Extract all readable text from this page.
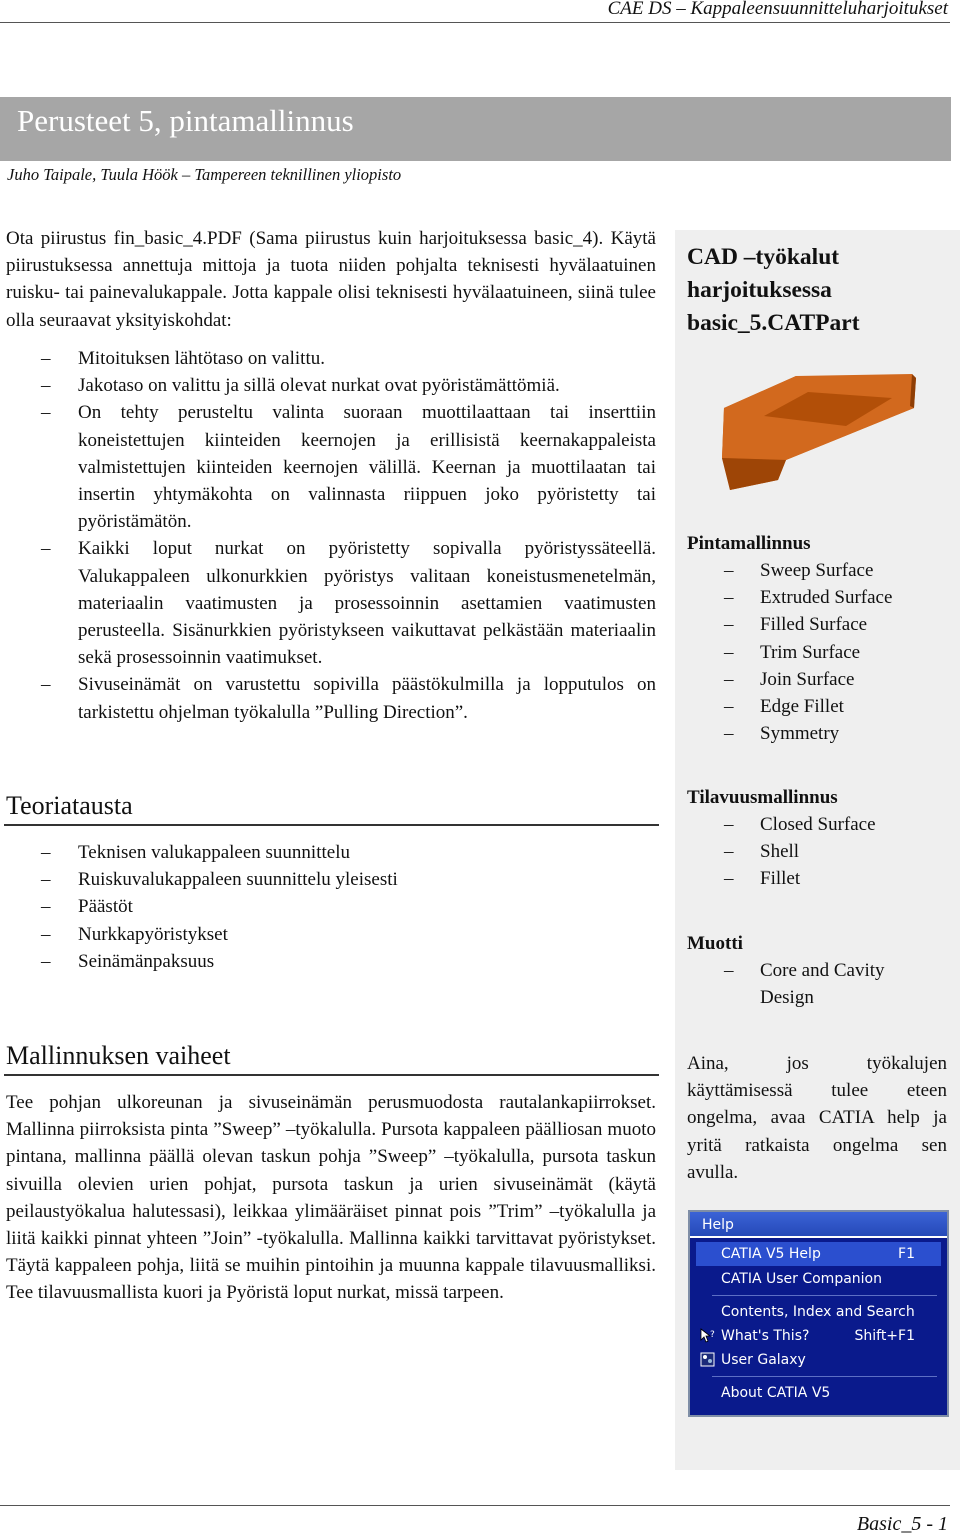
CAE DS – Kappaleensuunnitteluharjoitukset
Perusteet 5, pintamallinnus
Juho Taipale, Tuula Höök – Tampereen teknillinen yliopisto
Ota piirustus fin_basic_4.PDF (Sama piirustus kuin harjoituksessa basic_4). Käytä piirustuksessa annettuja mittoja ja tuota niiden pohjalta teknisesti hyvälaatuinen ruisku- tai painevalukappale. Jotta kappale olisi teknisesti hyvälaatuineen, siinä tulee olla seuraavat yksityiskohdat:
– Mitoituksen lähtötaso on valittu.
– Jakotaso on valittu ja sillä olevat nurkat ovat pyöristämättömiä.
– On tehty perusteltu valinta suoraan muottilaattaan tai inserttiin koneistettujen kiinteiden keernojen ja erillisistä keernakappaleista valmistettujen kiinteiden keernojen välillä. Keernan ja muottilaatan tai insertin yhtymäkohta on valinnasta riippuen joko pyöristetty tai pyöristämätön.
– Kaikki loput nurkat on pyöristetty sopivalla pyöristyssäteellä. Valukappaleen ulkonurkkien pyöristys valitaan koneistusmenetelmän, materiaalin vaatimusten ja prosessoinnin asettamien vaatimusten perusteella. Sisänurkkien pyöristykseen vaikuttavat pelkästään materiaalin sekä prosessoinnin vaatimukset.
– Sivuseinämät on varustettu sopivilla päästökulmilla ja lopputulos on tarkistettu ohjelman työkalulla ”Pulling Direction”.
Teoriatausta
– Teknisen valukappaleen suunnittelu
– Ruiskuvalukappaleen suunnittelu yleisesti
– Päästöt
– Nurkkapyöristykset
– Seinämänpaksuus
Mallinnuksen vaiheet
Tee pohjan ulkoreunan ja sivuseinämän perusmuodosta rautalankapiirrokset. Mallinna piirroksista pinta ”Sweep” –työkalulla. Pursota kappaleen päälliosan muoto pintana, mallinna päällä olevan taskun pohja ”Sweep” –työkalulla, pursota taskun sivuilla olevien urien pohjat, pursota taskun ja urien sivuseinämät (käytä peilaustyökalua halutessasi), leikkaa ylimääräiset pinnat pois ”Trim” –työkalulla ja liitä kaikki pinnat yhteen ”Join” -työkalulla. Mallinna kaikki tarvittavat pyöristykset. Täytä kappaleen pohja, liitä se muihin pintoihin ja muunna kappale tilavuusmalliksi. Tee tilavuusmallista kuori ja Pyöristä loput nurkat, missä tarpeen.
CAD –työkalut harjoituksessa basic_5.CATPart
Pintamallinnus
– Sweep Surface
– Extruded Surface
– Filled Surface
– Trim Surface
– Join Surface
– Edge Fillet
– Symmetry
Tilavuusmallinnus
– Closed Surface
– Shell
– Fillet
Muotti
– Core and Cavity Design
Aina, jos työkalujen käyttämisessä tulee eteen ongelma, avaa CATIA help ja yritä ratkaista ongelma sen avulla.
Help
CATIA V5 Help	F1
CATIA User Companion
Contents, Index and Search
? What's This?	Shift+F1
User Galaxy
About CATIA V5
Basic_5 - 1
